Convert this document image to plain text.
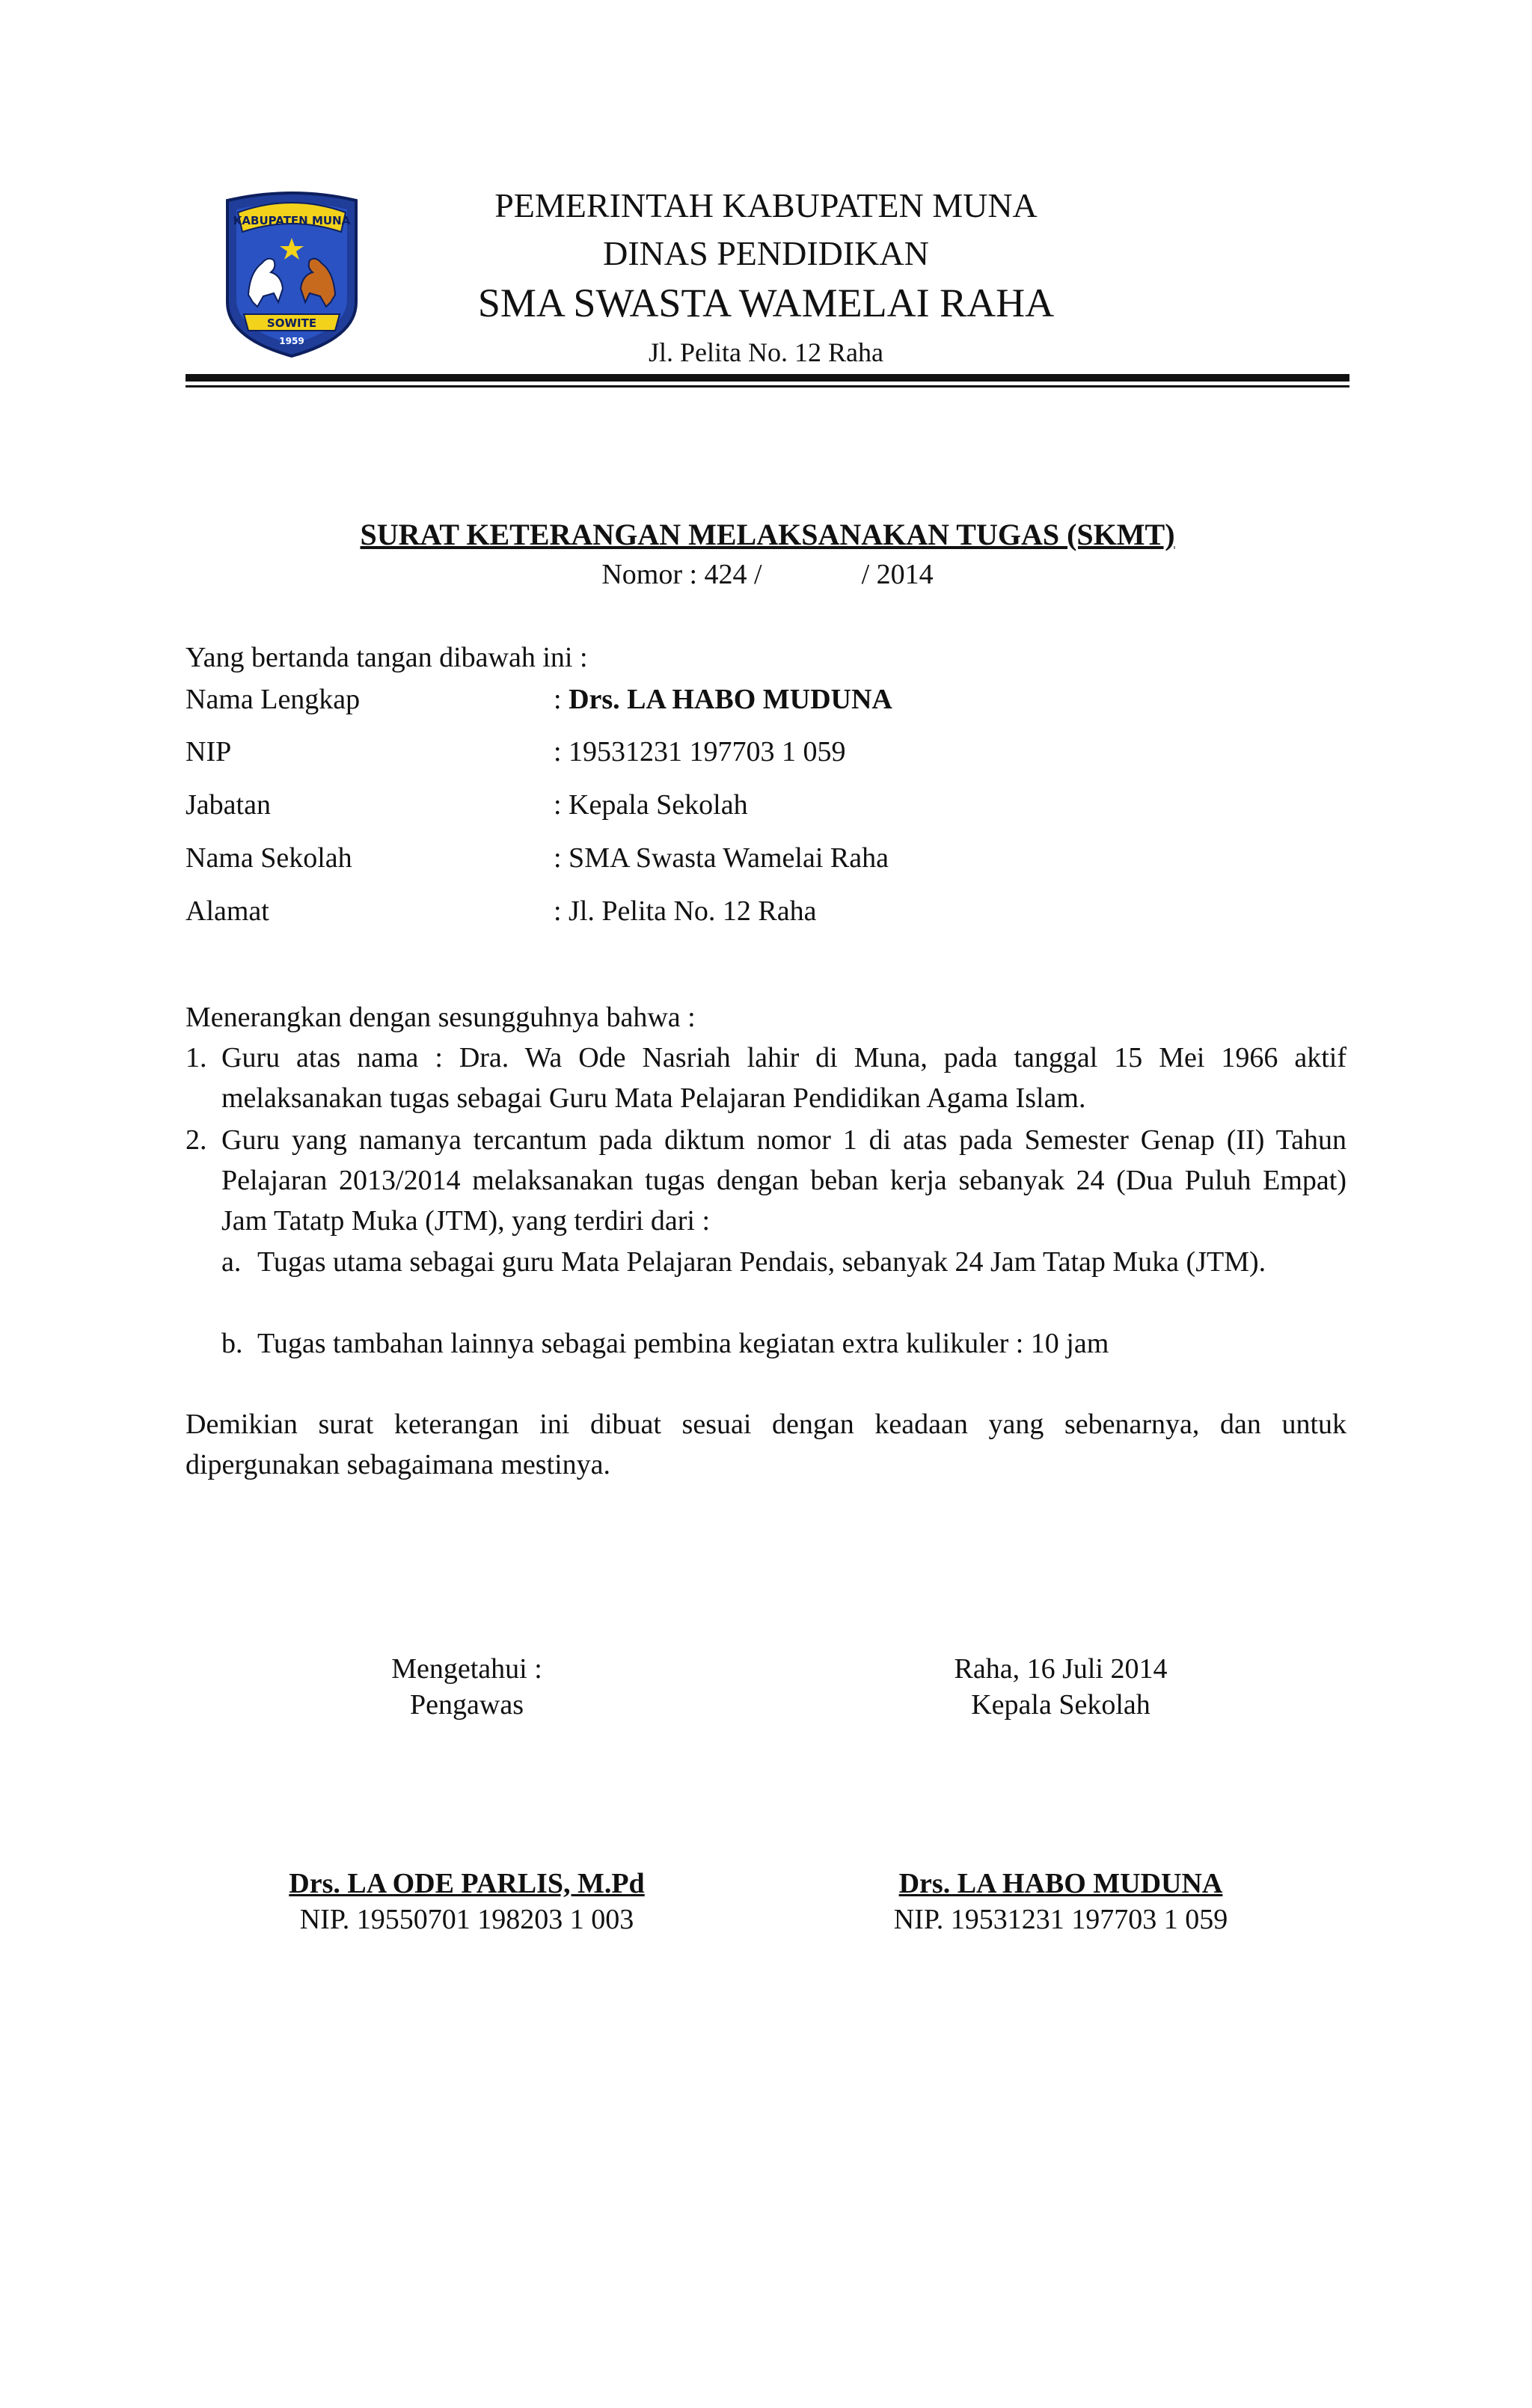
KABUPATEN MUNA
SOWITE
1959
PEMERINTAH KABUPATEN MUNA
DINAS PENDIDIKAN
SMA SWASTA WAMELAI RAHA
Jl. Pelita No. 12 Raha
SURAT KETERANGAN MELAKSANAKAN TUGAS (SKMT)
Nomor : 424 /              / 2014
Yang bertanda tangan dibawah ini :
Nama Lengkap	: Drs. LA HABO MUDUNA
NIP	: 19531231 197703 1 059
Jabatan	: Kepala Sekolah
Nama Sekolah	: SMA Swasta Wamelai Raha
Alamat	: Jl. Pelita No. 12 Raha
Menerangkan dengan sesungguhnya bahwa :
1. Guru atas nama : Dra. Wa Ode Nasriah lahir di Muna, pada tanggal 15 Mei 1966 aktif melaksanakan tugas sebagai Guru Mata Pelajaran Pendidikan Agama Islam.
2. Guru yang namanya tercantum pada diktum nomor 1 di atas pada Semester Genap (II) Tahun Pelajaran 2013/2014 melaksanakan tugas dengan beban kerja sebanyak 24 (Dua Puluh Empat) Jam Tatatp Muka (JTM), yang terdiri dari :
a. Tugas utama sebagai guru Mata Pelajaran Pendais, sebanyak 24 Jam Tatap Muka (JTM).
b. Tugas tambahan lainnya sebagai pembina kegiatan extra kulikuler : 10 jam
Demikian surat keterangan ini dibuat sesuai dengan keadaan yang sebenarnya, dan untuk dipergunakan sebagaimana mestinya.
Mengetahui :
Pengawas
Raha, 16 Juli 2014
Kepala Sekolah
Drs. LA ODE PARLIS, M.Pd
NIP. 19550701 198203 1 003
Drs. LA HABO MUDUNA
NIP. 19531231 197703 1 059
